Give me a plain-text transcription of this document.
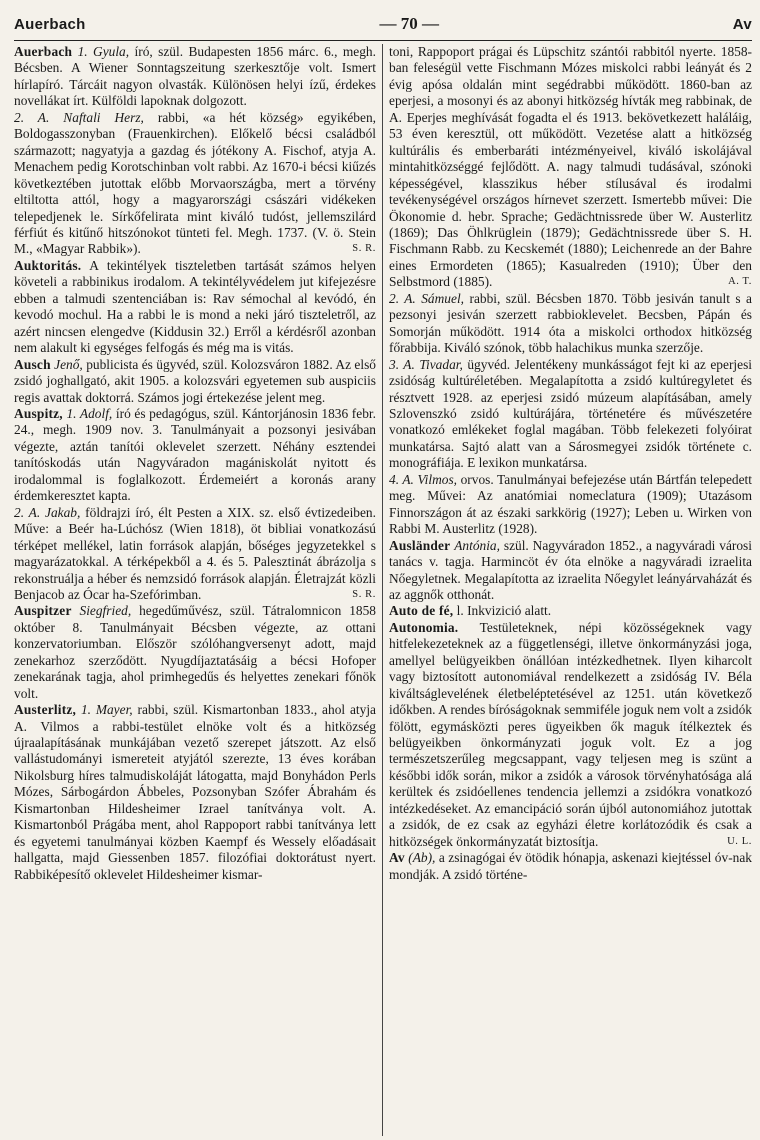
Auerbach	— 70 —	Av

Auerbach 1. Gyula, író, szül. Budapesten 1856 márc. 6., megh. Bécsben. A Wiener Sonntagszeitung szerkesztője volt. Ismert hírlapíró. Tárcáit nagyon olvasták. Különösen helyi ízű, érdekes novellákat írt. Külföldi lapoknak dolgozott.

2. A. Naftali Herz, rabbi, «a hét község» egyikében, Boldogasszonyban (Frauenkirchen). Előkelő bécsi családból származott; nagyatyja a gazdag és jótékony A. Fischof, atyja A. Menachem pedig Korotschinban volt rabbi. Az 1670-i bécsi kiűzés következtében jutottak előbb Morvaországba, mert a törvény eltiltotta attól, hogy a magyarországi császári vidékeken telepedjenek le. Sírkőfelirata mint kiváló tudóst, jellemszilárd férfiút és kitűnő hitszónokot tünteti fel. Megh. 1737. (V. ö. Stein M., «Magyar Rabbik»).	S. R.

Auktoritás. A tekintélyek tiszteletben tartását számos helyen követeli a rabbinikus irodalom. A tekintélyvédelem jut kifejezésre ebben a talmudi szentenciában is: Rav sémochal al kevódó, én kevodó mochul. Ha a rabbi le is mond a neki járó tiszteletről, az azért nincsen elengedve (Kiddusin 32.) Erről a kérdésről azonban nem alakult ki egységes felfogás és még ma is vitás.

Ausch Jenő, publicista és ügyvéd, szül. Kolozsváron 1882. Az első zsidó joghallgató, akit 1905. a kolozsvári egyetemen sub auspiciis regis avattak doktorrá. Számos jogi értekezése jelent meg.

Auspitz, 1. Adolf, író és pedagógus, szül. Kántorjánosin 1836 febr. 24., megh. 1909 nov. 3. Tanulmányait a pozsonyi jesivában végezte, aztán tanítói oklevelet szerzett. Néhány esztendei tanítóskodás után Nagyváradon magániskolát nyitott és irodalommal is foglalkozott. Érdemeiért a koronás arany érdemkeresztet kapta.

2. A. Jakab, földrajzi író, élt Pesten a XIX. sz. első évtizedeiben. Műve: a Beér ha-Lúchósz (Wien 1818), öt bibliai vonatkozású térképet mellékel, latin források alapján, bőséges jegyzetekkel s magyarázatokkal. A térképekből a 4. és 5. Palesztinát ábrázolja s rekonstruálja a héber és nemzsidó források alapján. Életrajzát közli Benjacob az Ócar ha-Szefórimban.	S. R.

Auspitzer Siegfried, hegedűművész, szül. Tátralomnicon 1858 október 8. Tanulmányait Bécsben végezte, az ottani konzervatoriumban. Először szólóhangversenyt adott, majd zenekarhoz szerződött. Nyugdíjaztatásáig a bécsi Hofoper zenekarának tagja, ahol primhegedűs és helyettes zenekari főnök volt.

Austerlitz, 1. Mayer, rabbi, szül. Kismartonban 1833., ahol atyja A. Vilmos a rabbi-testület elnöke volt és a hitközség újraalapításának munkájában vezető szerepet játszott. Az első vallástudományi ismereteit atyjától szerezte, 13 éves korában Nikolsburg híres talmudiskoláját látogatta, majd Bonyhádon Perls Mózes, Sárbogárdon Ábbeles, Pozsonyban Szófer Ábrahám és Kismartonban Hildesheimer Izrael tanítványa volt. A. Kismartonból Prágába ment, ahol Rappoport rabbi tanítványa lett és egyetemi tanulmányai közben Kaempf és Wessely előadásait hallgatta, majd Giessenben 1857. filozófiai doktorátust nyert. Rabbiképesítő oklevelet Hildesheimer kismar-

toni, Rappoport prágai és Lüpschitz szántói rabbitól nyerte. 1858-ban feleségül vette Fischmann Mózes miskolci rabbi leányát és 2 évig apósa oldalán mint segédrabbi működött. 1860-ban az eperjesi, a mosonyi és az abonyi hitközség hívták meg rabbinak, de A. Eperjes meghívását fogadta el és 1913. bekövetkezett haláláig, 53 éven keresztül, ott működött. Vezetése alatt a hitközség kultúrális és emberbaráti intézményeivel, kiváló iskolájával mintahitközséggé fejlődött. A. nagy talmudi tudásával, szónoki képességével, klasszikus héber stílusával és irodalmi tevékenységével országos hírnevet szerzett. Ismertebb művei: Die Ökonomie d. hebr. Sprache; Gedächtnissrede über W. Austerlitz (1869); Das Öhlkrüglein (1879); Gedächtnissrede über S. H. Fischmann Rabb. zu Kecskemét (1880); Leichenrede an der Bahre eines Ermordeten (1865); Kasualreden (1910); Über den Selbstmord (1885).	A. T.

2. A. Sámuel, rabbi, szül. Bécsben 1870. Több jesiván tanult s a pezsonyi jesiván szerzett rabbioklevelet. Becsben, Pápán és Somorján működött. 1914 óta a miskolci orthodox hitközség főrabbija. Kiváló szónok, több halachikus munka szerzője.

3. A. Tivadar, ügyvéd. Jelentékeny munkásságot fejt ki az eperjesi zsidóság kultúréletében. Megalapította a zsidó kultúregyletet és résztvett 1928. az eperjesi zsidó múzeum alapításában, amely Szlovenszkó zsidó kultúrájára, történetére és művészetére vonatkozó emlékeket foglal magában. Több felekezeti folyóirat munkatársa. Sajtó alatt van a Sárosmegyei zsidók története c. monográfiája. E lexikon munkatársa.

4. A. Vilmos, orvos. Tanulmányai befejezése után Bártfán telepedett meg. Művei: Az anatómiai nomeclatura (1909); Utazásom Finnországon át az északi sarkkörig (1927); Leben u. Wirken von Rabbi M. Austerlitz (1928).

Ausländer Antónia, szül. Nagyváradon 1852., a nagyváradi városi tanács v. tagja. Harmincöt év óta elnöke a nagyváradi izraelita Nőegyletnek. Megalapította az izraelita Nőegylet leányárvaházát és az aggnők otthonát.

Auto de fé, l. Inkvizició alatt.

Autonomia. Testületeknek, népi közösségeknek vagy hitfelekezeteknek az a függetlenségi, illetve önkormányzási joga, amellyel belügyeikben önállóan intézkedhetnek. Ilyen kiharcolt vagy biztosított autonomiával rendelkezett a zsidóság IV. Béla kiváltságlevelének életbeléptetésével az 1251. után következő időkben. A rendes bíróságoknak semmiféle joguk nem volt a zsidók fölött, egymásközti peres ügyeikben ők maguk ítélkeztek és belügyeikben önkormányzati joguk volt. Ez a jog természetszerűleg megcsappant, vagy teljesen meg is szünt a későbbi idők során, mikor a zsidók a városok törvényhatósága alá kerültek és zsidóellenes tendencia jellemzi a zsidókra vonatkozó intézkedéseket. Az emancipáció során újból autonomiához jutottak a zsidók, de ez csak az egyházi életre korlátozódik és csak a hitközségek önkormányzatát biztosítja.	U. L.

Av (Ab), a zsinagógai év ötödik hónapja, askenazi kiejtéssel óv-nak mondják. A zsidó történe-
